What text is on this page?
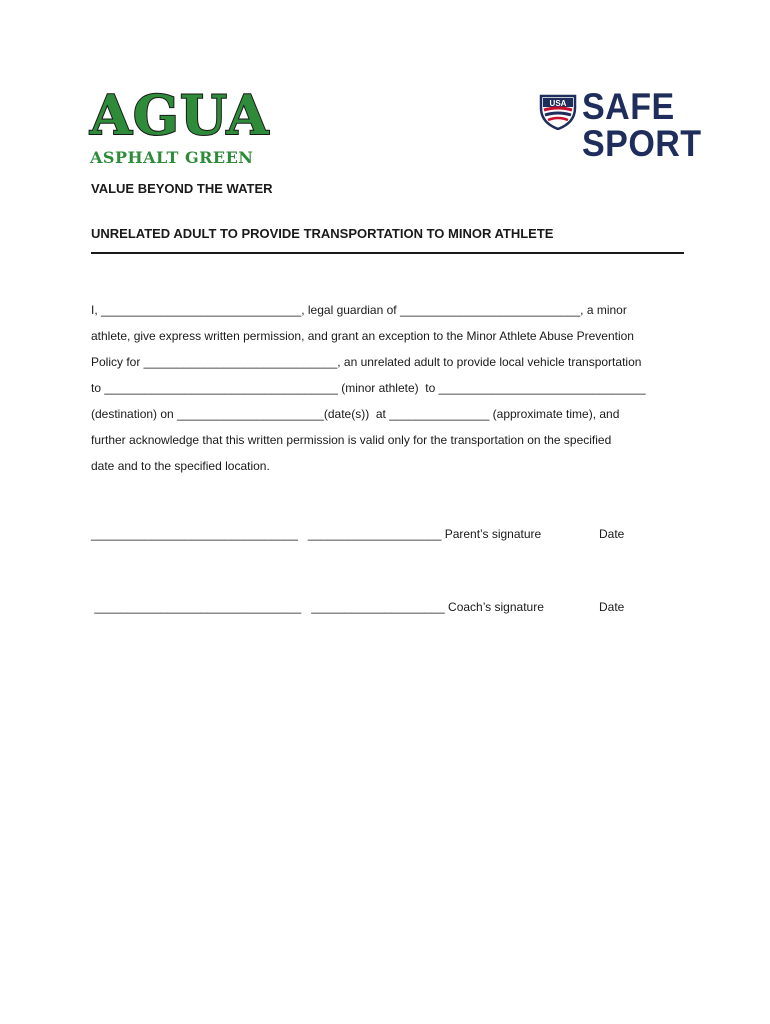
AGUA
ASPHALT GREEN
VALUE BEYOND THE WATER
USA SAFE
SPORT
UNRELATED ADULT TO PROVIDE TRANSPORTATION TO MINOR ATHLETE

I, ______________________________, legal guardian of ___________________________, a minor

athlete, give express written permission, and grant an exception to the Minor Athlete Abuse Prevention

Policy for _____________________________, an unrelated adult to provide local vehicle transportation

to ___________________________________ (minor athlete)  to _______________________________

(destination) on ______________________(date(s))  at _______________ (approximate time), and

further acknowledge that this written permission is valid only for the transportation on the specified

date and to the specified location.

_______________________________   ____________________ Parent’s signature	Date
_______________________________   ____________________ Coach’s signature	Date
